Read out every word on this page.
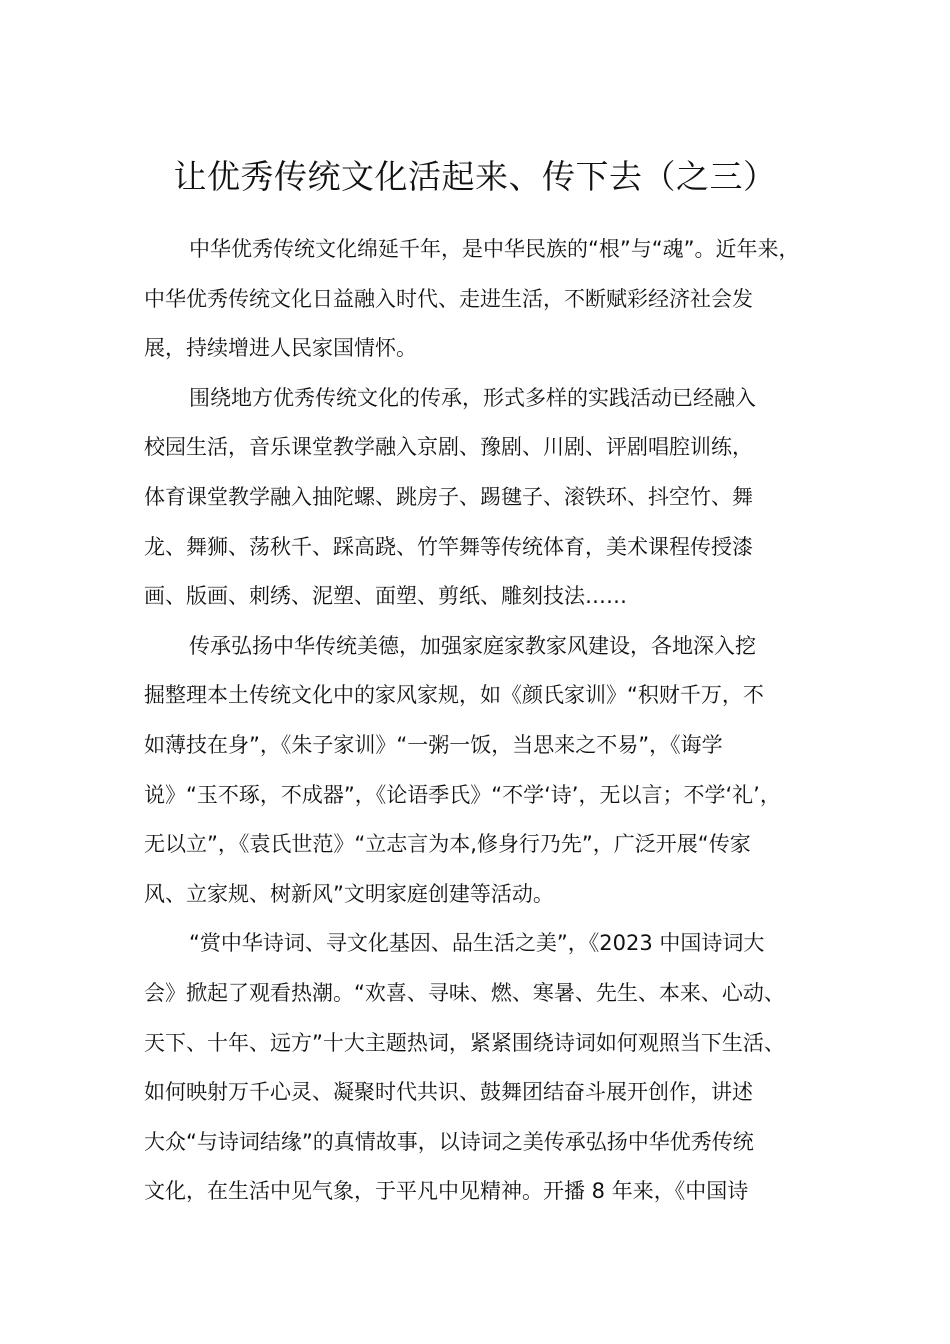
让优秀传统文化活起来、传下去（之三）

中华优秀传统文化绵延千年，是中华民族的“根”与“魂”。近年来，
中华优秀传统文化日益融入时代、走进生活，不断赋彩经济社会发
展，持续增进人民家国情怀。

围绕地方优秀传统文化的传承，形式多样的实践活动已经融入
校园生活，音乐课堂教学融入京剧、豫剧、川剧、评剧唱腔训练，
体育课堂教学融入抽陀螺、跳房子、踢毽子、滚铁环、抖空竹、舞
龙、舞狮、荡秋千、踩高跷、竹竿舞等传统体育，美术课程传授漆
画、版画、刺绣、泥塑、面塑、剪纸、雕刻技法……

传承弘扬中华传统美德，加强家庭家教家风建设，各地深入挖
掘整理本土传统文化中的家风家规，如《颜氏家训》“积财千万，不
如薄技在身”，《朱子家训》“一粥一饭，当思来之不易”，《诲学
说》“玉不琢，不成器”，《论语季氏》“不学‘诗’，无以言；不学‘礼’，
无以立”，《袁氏世范》“立志言为本,修身行乃先”，广泛开展“传家
风、立家规、树新风”文明家庭创建等活动。

“赏中华诗词、寻文化基因、品生活之美”，《2023 中国诗词大
会》掀起了观看热潮。“欢喜、寻味、燃、寒暑、先生、本来、心动、
天下、十年、远方”十大主题热词，紧紧围绕诗词如何观照当下生活、
如何映射万千心灵、凝聚时代共识、鼓舞团结奋斗展开创作，讲述
大众“与诗词结缘”的真情故事，以诗词之美传承弘扬中华优秀传统
文化，在生活中见气象，于平凡中见精神。开播 8 年来，《中国诗
